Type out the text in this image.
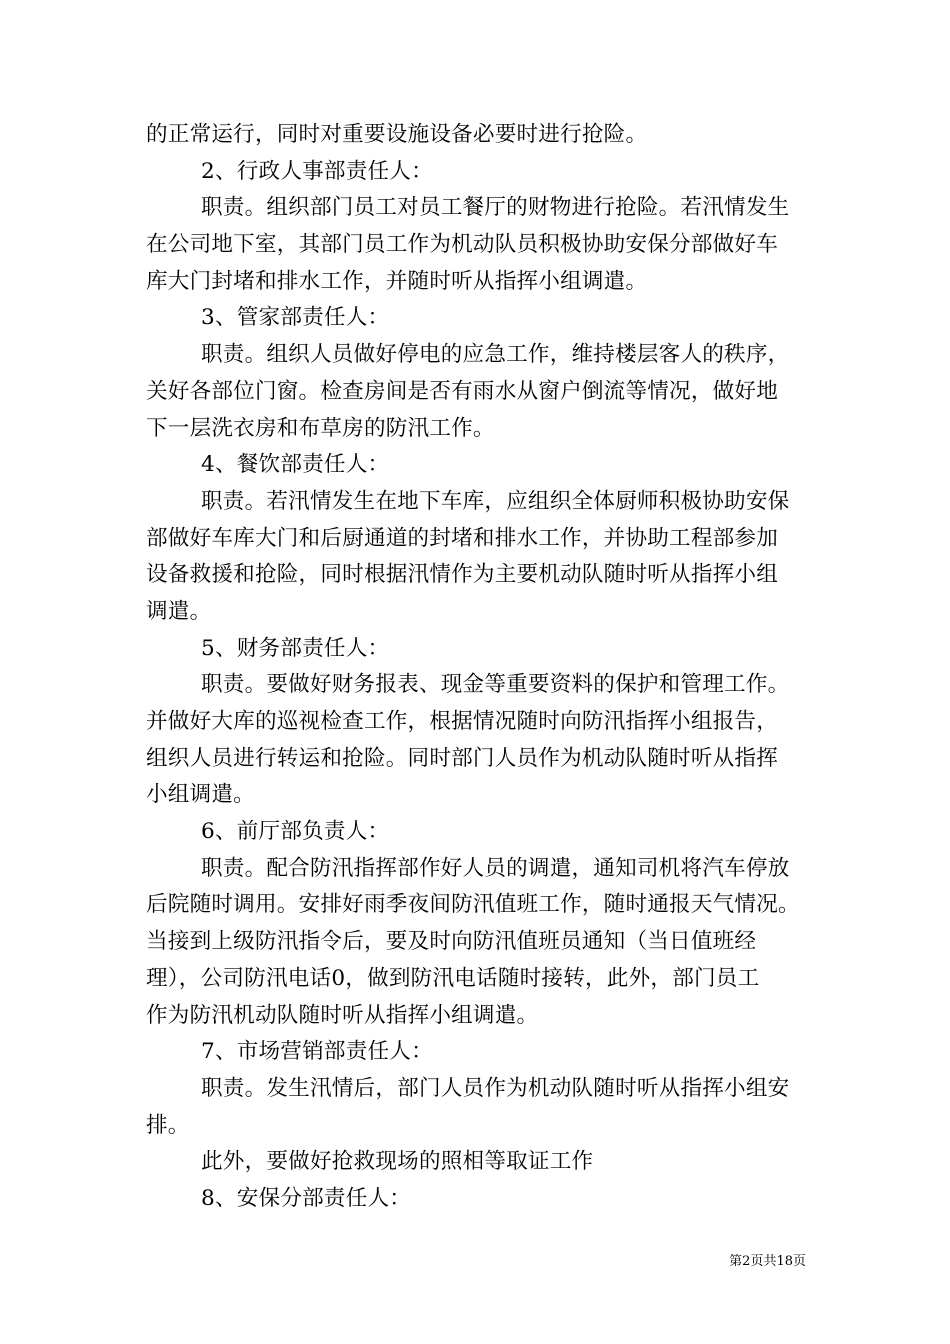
的正常运行，同时对重要设施设备必要时进行抢险。
2、行政人事部责任人：
职责。组织部门员工对员工餐厅的财物进行抢险。若汛情发生
在公司地下室，其部门员工作为机动队员积极协助安保分部做好车
库大门封堵和排水工作，并随时听从指挥小组调遣。
3、管家部责任人：
职责。组织人员做好停电的应急工作，维持楼层客人的秩序，
关好各部位门窗。检查房间是否有雨水从窗户倒流等情况，做好地
下一层洗衣房和布草房的防汛工作。
4、餐饮部责任人：
职责。若汛情发生在地下车库，应组织全体厨师积极协助安保
部做好车库大门和后厨通道的封堵和排水工作，并协助工程部参加
设备救援和抢险，同时根据汛情作为主要机动队随时听从指挥小组
调遣。
5、财务部责任人：
职责。要做好财务报表、现金等重要资料的保护和管理工作。
并做好大库的巡视检查工作，根据情况随时向防汛指挥小组报告，
组织人员进行转运和抢险。同时部门人员作为机动队随时听从指挥
小组调遣。
6、前厅部负责人：
职责。配合防汛指挥部作好人员的调遣，通知司机将汽车停放
后院随时调用。安排好雨季夜间防汛值班工作，随时通报天气情况。
当接到上级防汛指令后，要及时向防汛值班员通知（当日值班经
理），公司防汛电话0，做到防汛电话随时接转，此外，部门员工
作为防汛机动队随时听从指挥小组调遣。
7、市场营销部责任人：
职责。发生汛情后，部门人员作为机动队随时听从指挥小组安
排。
此外，要做好抢救现场的照相等取证工作
8、安保分部责任人：
第2页共18页
